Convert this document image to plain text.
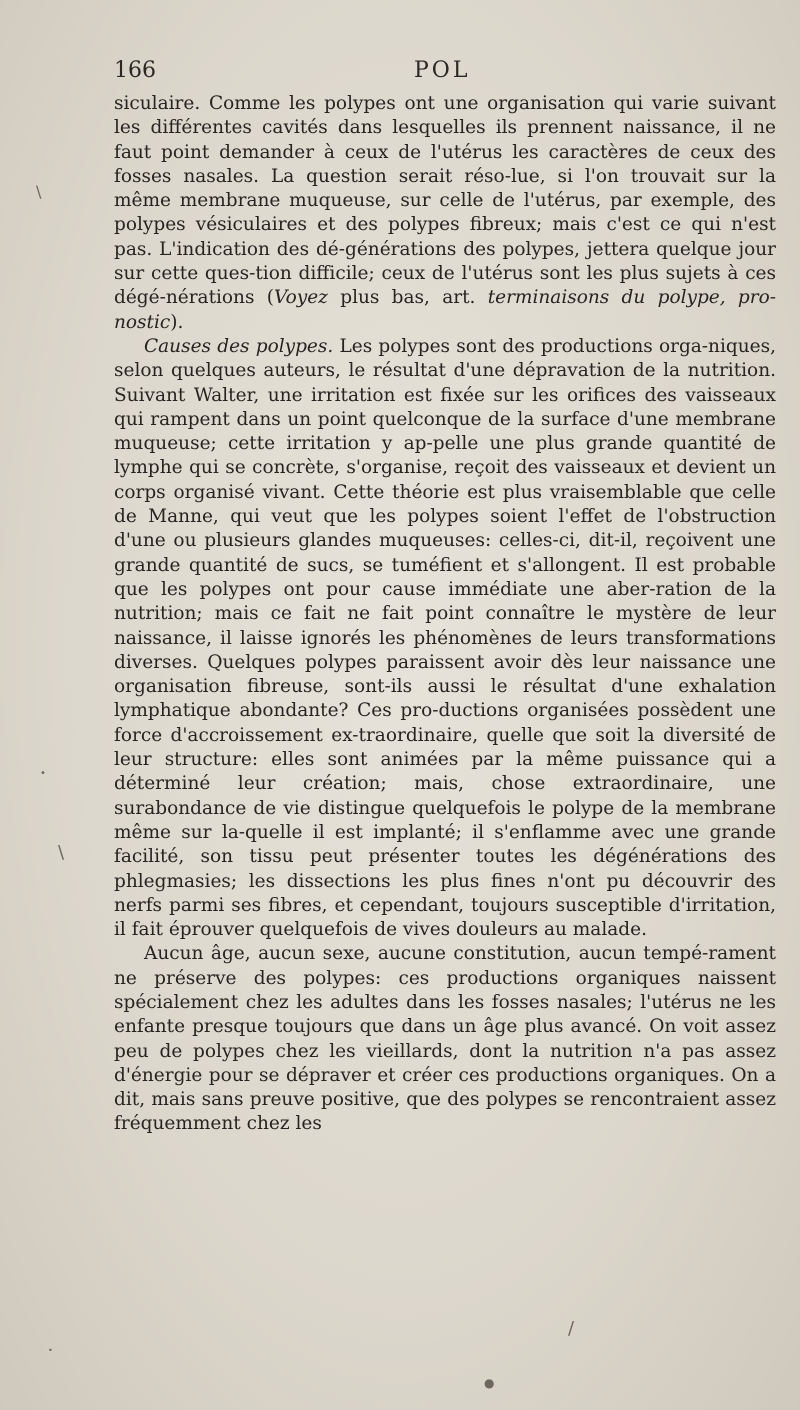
166	POL

siculaire. Comme les polypes ont une organisation qui varie suivant les différentes cavités dans lesquelles ils prennent naissance, il ne faut point demander à ceux de l'utérus les caractères de ceux des fosses nasales. La question serait réso-lue, si l'on trouvait sur la même membrane muqueuse, sur celle de l'utérus, par exemple, des polypes vésiculaires et des polypes fibreux; mais c'est ce qui n'est pas. L'indication des dé-générations des polypes, jettera quelque jour sur cette ques-tion difficile; ceux de l'utérus sont les plus sujets à ces dégé-nérations (Voyez plus bas, art. terminaisons du polype, pro-nostic).

Causes des polypes. Les polypes sont des productions orga-niques, selon quelques auteurs, le résultat d'une dépravation de la nutrition. Suivant Walter, une irritation est fixée sur les orifices des vaisseaux qui rampent dans un point quelconque de la surface d'une membrane muqueuse; cette irritation y ap-pelle une plus grande quantité de lymphe qui se concrète, s'organise, reçoit des vaisseaux et devient un corps organisé vivant. Cette théorie est plus vraisemblable que celle de Manne, qui veut que les polypes soient l'effet de l'obstruction d'une ou plusieurs glandes muqueuses: celles-ci, dit-il, reçoivent une grande quantité de sucs, se tuméfient et s'allongent. Il est probable que les polypes ont pour cause immédiate une aber-ration de la nutrition; mais ce fait ne fait point connaître le mystère de leur naissance, il laisse ignorés les phénomènes de leurs transformations diverses. Quelques polypes paraissent avoir dès leur naissance une organisation fibreuse, sont-ils aussi le résultat d'une exhalation lymphatique abondante? Ces pro-ductions organisées possèdent une force d'accroissement ex-traordinaire, quelle que soit la diversité de leur structure: elles sont animées par la même puissance qui a déterminé leur création; mais, chose extraordinaire, une surabondance de vie distingue quelquefois le polype de la membrane même sur la-quelle il est implanté; il s'enflamme avec une grande facilité, son tissu peut présenter toutes les dégénérations des phlegmasies; les dissections les plus fines n'ont pu découvrir des nerfs parmi ses fibres, et cependant, toujours susceptible d'irritation, il fait éprouver quelquefois de vives douleurs au malade.

Aucun âge, aucun sexe, aucune constitution, aucun tempé-rament ne préserve des polypes: ces productions organiques naissent spécialement chez les adultes dans les fosses nasales; l'utérus ne les enfante presque toujours que dans un âge plus avancé. On voit assez peu de polypes chez les vieillards, dont la nutrition n'a pas assez d'énergie pour se dépraver et créer ces productions organiques. On a dit, mais sans preuve positive, que des polypes se rencontraient assez fréquemment chez les

\
\
•
/
●
•
